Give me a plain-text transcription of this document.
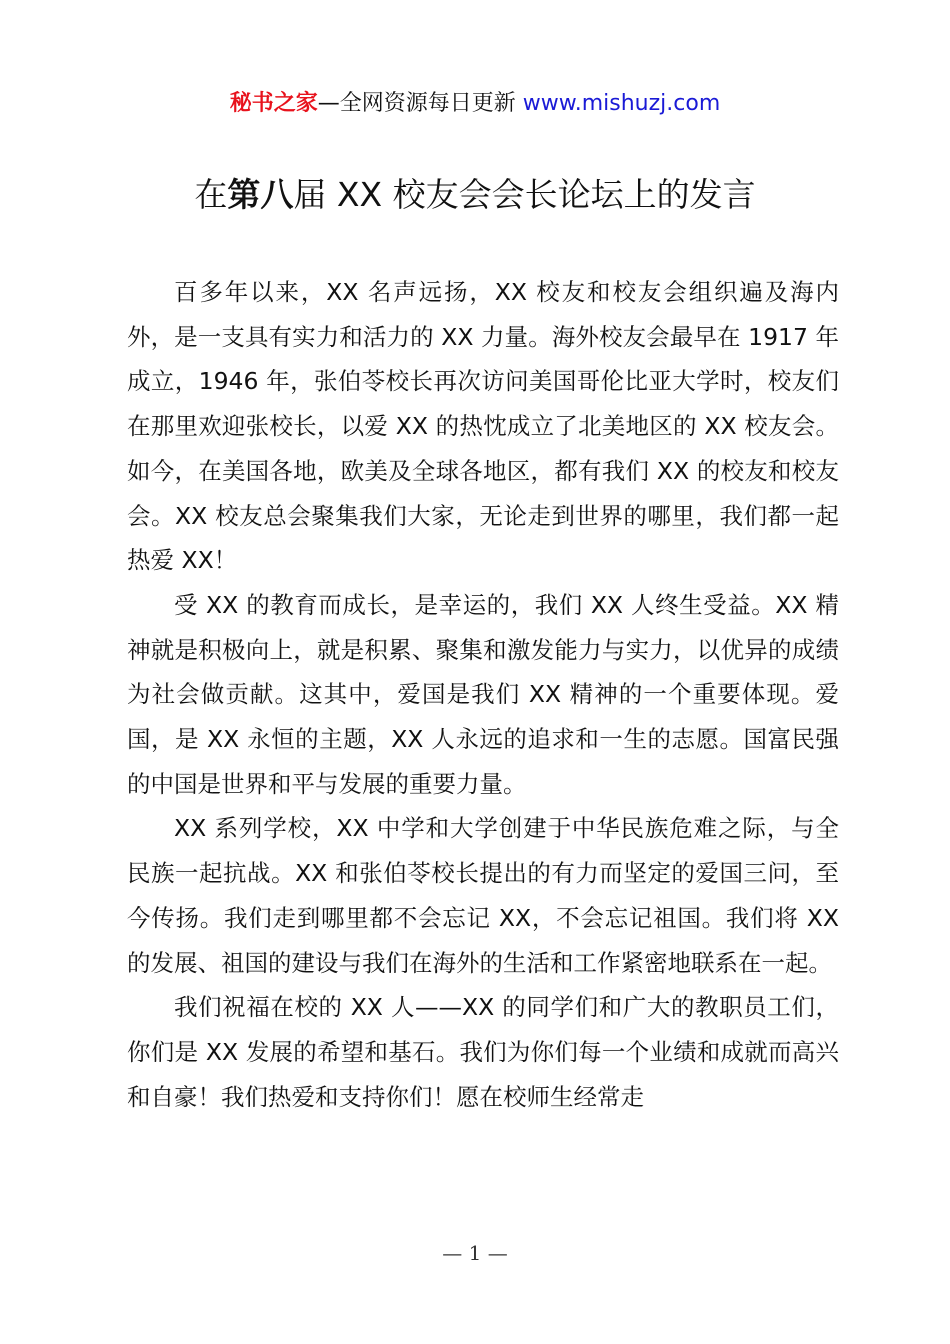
秘书之家—全网资源每日更新 www.mishuzj.com
在第八届 XX 校友会会长论坛上的发言

百多年以来，XX 名声远扬，XX 校友和校友会组织遍及海内外，是一支具有实力和活力的 XX 力量。海外校友会最早在 1917 年成立，1946 年，张伯苓校长再次访问美国哥伦比亚大学时，校友们在那里欢迎张校长，以爱 XX 的热忱成立了北美地区的 XX 校友会。如今，在美国各地，欧美及全球各地区，都有我们 XX 的校友和校友会。XX 校友总会聚集我们大家，无论走到世界的哪里，我们都一起热爱 XX！

受 XX 的教育而成长，是幸运的，我们 XX 人终生受益。XX 精神就是积极向上，就是积累、聚集和激发能力与实力，以优异的成绩为社会做贡献。这其中，爱国是我们 XX 精神的一个重要体现。爱国，是 XX 永恒的主题，XX 人永远的追求和一生的志愿。国富民强的中国是世界和平与发展的重要力量。

XX 系列学校，XX 中学和大学创建于中华民族危难之际，与全民族一起抗战。XX 和张伯苓校长提出的有力而坚定的爱国三问，至今传扬。我们走到哪里都不会忘记 XX，不会忘记祖国。我们将 XX 的发展、祖国的建设与我们在海外的生活和工作紧密地联系在一起。

我们祝福在校的 XX 人——XX 的同学们和广大的教职员工们，你们是 XX 发展的希望和基石。我们为你们每一个业绩和成就而高兴和自豪！我们热爱和支持你们！愿在校师生经常走

— 1 —
